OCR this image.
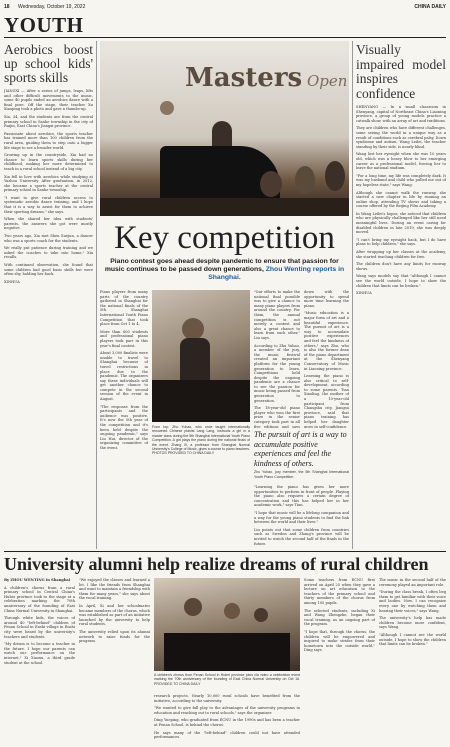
18 Wednesday, October 19, 2022	CHINA DAILY
YOUTH
Aerobics boost up school kids' sports skills

JIANGXI — After a series of jumps, leaps, lifts and other difficult movements to the music, some 40 pupils ended an aerobics dance with a final pose. Off the stage, their teacher Xu Xiaoping took a photo and gave a thumbs-up.

Xia, 34, and the students are from the central primary school in Sanhe township in the city of Ruijin, East China's Jiangxi province.

Passionate about aerobics, the sports teacher has trained more than 100 children from the rural area, guiding them to step onto a bigger life stage to see a broader world.

Growing up in the countryside, Xia had no chance to learn sports skills during her childhood, making her more determined to teach in a rural school instead of a big city.

Xia fell in love with aerobics while studying at Yuzhou University. After graduation, in 2012, she became a sports teacher at the central primary school in Sanhe township.

"I want to give rural children access to systematic aerobic dance training, and I hope that it is a way to assist for them to achieve their sporting dreams," she says.

When she shared her idea with students' parents, the answers she got were mostly negative.

Two years ago, Xia met Shen Xuejun, a dancer who was a sports coach for the students.

We really put patience during training and we asked the coaches to take into home," Xia recalls.

With continued observation, she found that some children had good basic skills but were often shy, holding her back.

XINHUA

Masters Open
Key competition
Piano contest goes ahead despite pandemic to ensure that passion for music continues to be passed down generations, Zhou Wenting reports in Shanghai.

Piano players from many parts of the country gathered in Shanghai for the national finals of the 5th Shanghai International Youth Piano Competition that took place from Oct 1 to 4.

More than 600 students and professional piano players took part in this year's final contest.

About 3,000 finalists were unable to travel to Shanghai because of travel restrictions in place due to the pandemic. The organizers say these individuals will get another chance to compete in the second session of the event in August.

"The response from the participants and the audience was positive. It's now the 5th year of the competition and it's been held despite the ongoing pandemic," says Liu Hui, director of the organizing committee of the event.

From top: Zhu Yuhao, who once taught internationally renowned Chinese pianist Lang Lang, instructs a girl in a master class during the 5th Shanghai International Youth Piano Competition. A girl plays the piano during the national finals of the event. Zhang Xi, a professor from Shanghai Normal University's College of Music, gives a course to piano teachers. PHOTOS PROVIDED TO CHINA DAILY

"Our efforts to make the national final possible was to give a chance to many piano players from around the country. For them, the annual competition is not merely a contest and also a great chance to learn from each other," Liu says.

According to Zhu Yuhao, a member of the jury, the music festival created an important platform for the young generation to learn. Competitions held despite the ongoing pandemic are a chance to see the passion for music being passed from generation to generation.

The 18-year-old piano player who won the first prize in the senior category took part in all five editions and says

down with the opportunity to spend more time learning the piano.

"Music education is a major form of art and a beautiful experience. The pursuit of art is a way to accumulate positive experiences and feel the kindness of others," says Zhu, who is also the former dean of the piano department at the Shenyang Conservatory of Music in Liaoning province.

Learning the piano is also critical to self-development, according to some parents. Tian Xiaoling, the mother of a 10-year-old participant from Changshu city, Jiangsu province, said that piano training has helped her daughter grow in self-confidence.

The pursuit of art is a way to accumulate positive experiences and feel the kindness of others.
Zhu Yuhao, jury member, the 5th Shanghai International Youth Piano Competition

"Learning the piano has given her more opportunities to perform in front of people. Playing the piano also requires a certain degree of concentration and this has helped her in her academic work," says Tian.

"I hope that music will be a lifelong companion and a way for the young piano students to find the link between the world and their lives."

Liu points out that some children from countries such as Sweden and Zhang's province will be invited to watch the second half of the finals in the future.

Visually impaired model inspires confidence

SHENYANG — In a small classroom in Shenyang, capital of Northeast China's Liaoning province, a group of young models practice a catwalk show, with an array of art and traditions.

They are children who have different challenges, some seeing the world in a unique way as a result of conditions such as cerebral palsy, Down syndrome and autism. Wang Leilei, the teacher standing by their side, is nearly blind.

Wang lost her eyesight when she was 10 years old, which was a heavy blow to her emerging career as a professional model, forcing her to leave the national stadium.

"For a long time, my life was completely dark. It was my husband and child who pulled me out of my hopeless state," says Wang.

Although she cannot walk the runway, she started a new chapter in life by running an online shop, attending TV shows and taking a course offered by the Beijing Film Academy.

In Wang Leilei's hopes, she noticed that children who are physically challenged like her still need meaningful lives. During an event caring for disabled children in late 2019, she was deeply moved.

"I can't bring my eyesight back, but I do have plans to help children," she says.

After wrapping up her classes at the academy, she started teaching children for free.

The children don't have any limits for runway shows.

Wang says models say that "although I cannot see the world outside, I hope to show the children that limits can be broken."

XINHUA

University alumni help realize dreams of rural children

By ZHOU WENTING in Shanghai

A children's chorus from a rural primary school in Central China's Hubei province took to the stage at a celebration marking the 70th anniversary of the founding of East China Normal University in Shanghai.

Through white kids, the voices of around 40 "left-behind" children of Fenan School in Enshi village in Enshi city were heard by the university's teachers and students.

"My dream is to become a teacher in the future. I hope our parents can watch our performance on the internet," Xi Xiaoxu, a third grade student at the school.

"We enjoyed the classes and learned a lot. I like the friends from Shanghai and want to maintain a friendship with them for many years," she says about the vocal training.

In April, Xi and her schoolmates became members of the chorus, which was established as part of an initiative launched by the university to help rural students.

The university relied upon its alumni network to raise funds for the program.

A children's chorus from Fenan School in Hubei province joins via video a celebration event marking the 70th anniversary of the founding of East China Normal University on Oct 16. PROVIDED TO CHINA DAILY

research projects. Nearly 10,000 rural schools have benefited from the initiative, according to the university.

"We wanted to give full play to the advantages of the university programs in education and reaching out to rural schools," says the organizer.

Ding Yueping, who graduated from ECNU in the 1990s and has been a teacher at Fenan School, is behind the chorus.

He says many of the "left-behind" children could not have attended performances.

Some teachers from ECNU first arrived on April 25 when they gave a lecture on art education to the teachers of the primary school and thirty members of the chorus from among 105 pupils.

The selected students, including Xi and Wang Zhengzhe, began their vocal training, as an ongoing part of the program.

"I hope that, through the chorus, the children will be empowered and inspired to make strides from their hometown into the outside world," Ding says.

The music in the second half of the ceremony played an important role.

"During the class break, I often beg them to get familiar with their voice and bodies. Now, I can recognize every one by watching them and hearing their voices," says Wang.

The university's help has made children become more confident, says Wang.

"Although I cannot see the world outside, I hope to show the children that limits can be broken."
